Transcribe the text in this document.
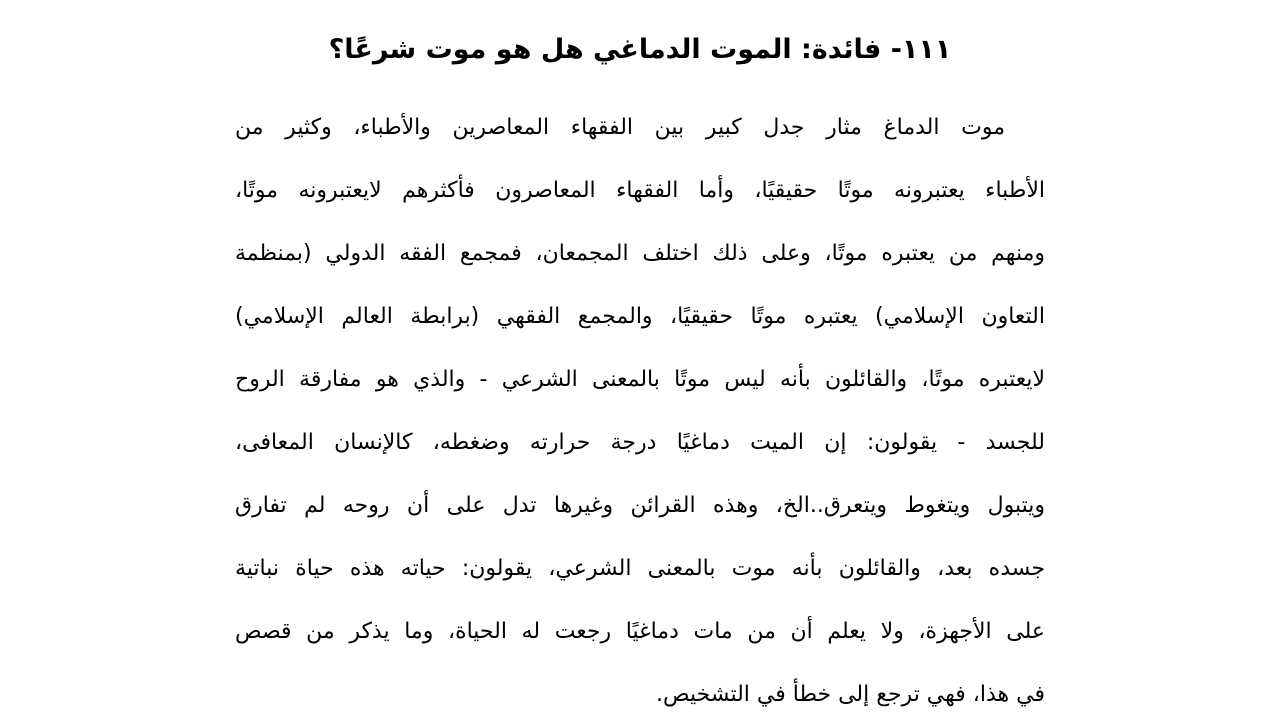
١١١- فائدة: الموت الدماغي هل هو موت شرعًا؟
موت الدماغ مثار جدل كبير بين الفقهاء المعاصرين والأطباء، وكثير من
الأطباء يعتبرونه موتًا حقيقيًا، وأما الفقهاء المعاصرون فأكثرهم لايعتبرونه موتًا،
ومنهم من يعتبره موتًا، وعلى ذلك اختلف المجمعان، فمجمع الفقه الدولي (بمنظمة
التعاون الإسلامي) يعتبره موتًا حقيقيًا، والمجمع الفقهي (برابطة العالم الإسلامي)
لايعتبره موتًا، والقائلون بأنه ليس موتًا بالمعنى الشرعي - والذي هو مفارقة الروح
للجسد - يقولون: إن الميت دماغيًا درجة حرارته وضغطه، كالإنسان المعافى،
ويتبول ويتغوط ويتعرق..الخ، وهذه القرائن وغيرها تدل على أن روحه لم تفارق
جسده بعد، والقائلون بأنه موت بالمعنى الشرعي، يقولون: حياته هذه حياة نباتية
على الأجهزة، ولا يعلم أن من مات دماغيًا رجعت له الحياة، وما يذكر من قصص
في هذا، فهي ترجع إلى خطأ في التشخيص.
